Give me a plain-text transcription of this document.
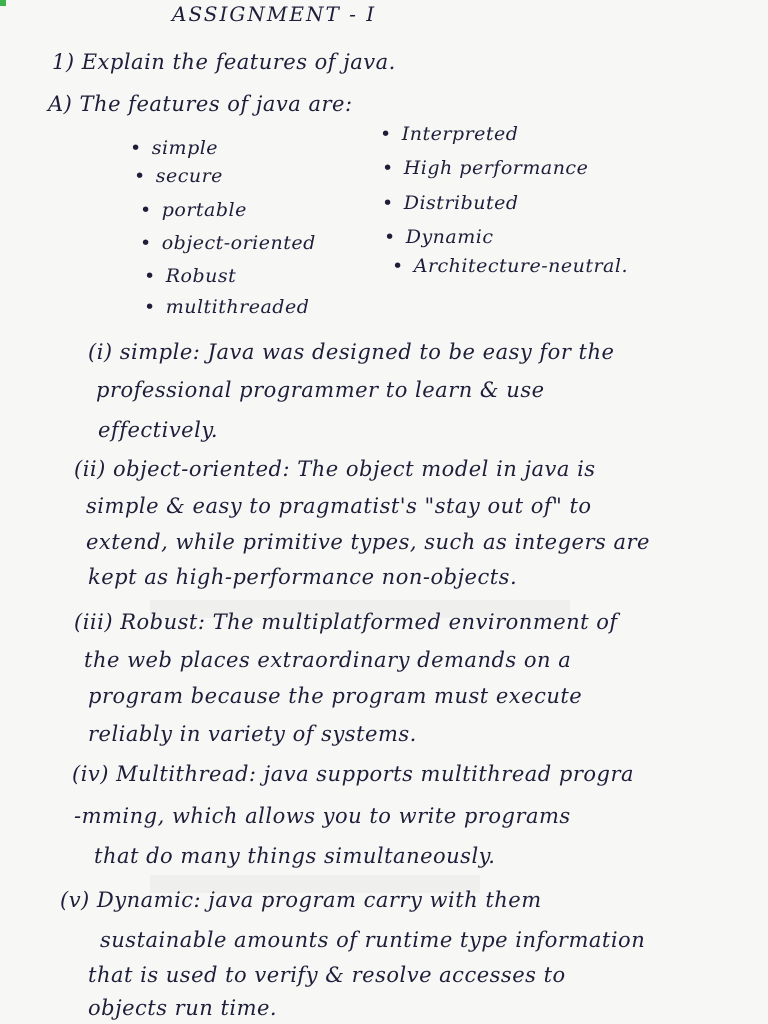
ASSIGNMENT - I
1) Explain the features of java.
A) The features of java are:
• simple
• secure
• portable
• object-oriented
• Robust
• multithreaded
• Interpreted
• High performance
• Distributed
• Dynamic
• Architecture-neutral.
(i) simple: Java was designed to be easy for the
professional programmer to learn & use
effectively.
(ii) object-oriented: The object model in java is
simple & easy to pragmatist's "stay out of" to
extend, while primitive types, such as integers are
kept as high-performance non-objects.
(iii) Robust: The multiplatformed environment of
the web places extraordinary demands on a
program because the program must execute
reliably in variety of systems.
(iv) Multithread: java supports multithread progra
-mming, which allows you to write programs
that do many things simultaneously.
(v) Dynamic: java program carry with them
sustainable amounts of runtime type information
that is used to verify & resolve accesses to
objects run time.
